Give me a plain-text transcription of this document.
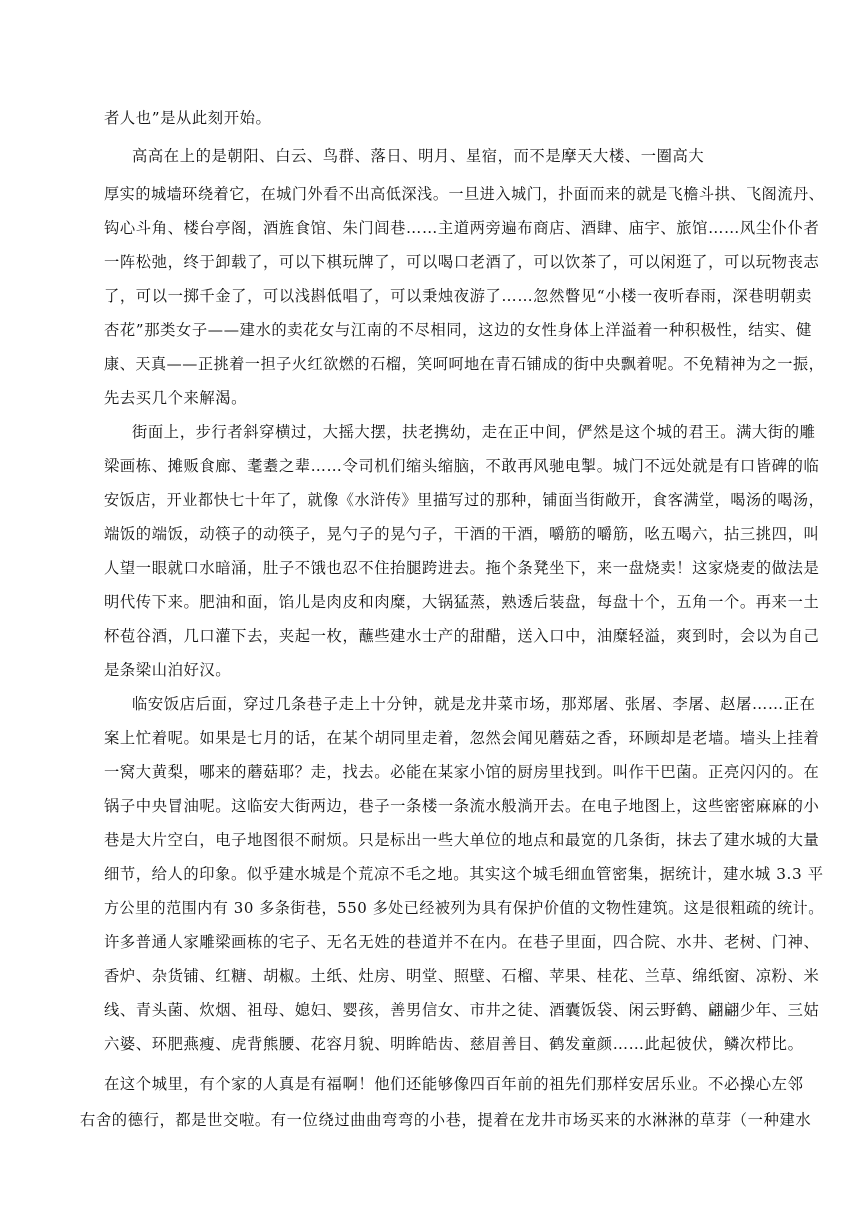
者人也”是从此刻开始。
高高在上的是朝阳、白云、鸟群、落日、明月、星宿，而不是摩天大楼、一圈高大
厚实的城墙环绕着它，在城门外看不出高低深浅。一旦进入城门，扑面而来的就是飞檐斗拱、飞阁流丹、
钩心斗角、楼台亭阁，酒旌食馆、朱门闾巷……主道两旁遍布商店、酒肆、庙宇、旅馆……风尘仆仆者
一阵松弛，终于卸载了，可以下棋玩牌了，可以喝口老酒了，可以饮茶了，可以闲逛了，可以玩物丧志
了，可以一掷千金了，可以浅斟低唱了，可以秉烛夜游了……忽然瞥见“小楼一夜听春雨，深巷明朝卖
杏花”那类女子——建水的卖花女与江南的不尽相同，这边的女性身体上洋溢着一种积极性，结实、健
康、天真——正挑着一担子火红欲燃的石榴，笑呵呵地在青石铺成的街中央飘着呢。不免精神为之一振，
先去买几个来解渴。
街面上，步行者斜穿横过，大摇大摆，扶老携幼，走在正中间，俨然是这个城的君王。满大街的雕
梁画栋、摊贩食廊、耄耋之辈……令司机们缩头缩脑，不敢再风驰电掣。城门不远处就是有口皆碑的临
安饭店，开业都快七十年了，就像《水浒传》里描写过的那种，铺面当街敞开，食客满堂，喝汤的喝汤，
端饭的端饭，动筷子的动筷子，晃勺子的晃勺子，干酒的干酒，嚼筋的嚼筋，吆五喝六，拈三挑四，叫
人望一眼就口水暗涌，肚子不饿也忍不住抬腿跨进去。拖个条凳坐下，来一盘烧卖！这家烧麦的做法是
明代传下来。肥油和面，馅儿是肉皮和肉糜，大锅猛蒸，熟透后装盘，每盘十个，五角一个。再来一土
杯苞谷酒，几口灌下去，夹起一枚，蘸些建水士产的甜醋，送入口中，油糜轻溢，爽到时，会以为自己
是条梁山泊好汉。
临安饭店后面，穿过几条巷子走上十分钟，就是龙井菜市场，那郑屠、张屠、李屠、赵屠……正在
案上忙着呢。如果是七月的话，在某个胡同里走着，忽然会闻见蘑菇之香，环顾却是老墙。墙头上挂着
一窝大黄梨，哪来的蘑菇耶？走，找去。必能在某家小馆的厨房里找到。叫作干巴菌。正亮闪闪的。在
锅子中央冒油呢。这临安大街两边，巷子一条楼一条流水般淌开去。在电子地图上，这些密密麻麻的小
巷是大片空白，电子地图很不耐烦。只是标出一些大单位的地点和最宽的几条街，抹去了建水城的大量
细节，给人的印象。似乎建水城是个荒凉不毛之地。其实这个城毛细血管密集，据统计，建水城 3.3 平
方公里的范围内有 30 多条街巷，550 多处已经被列为具有保护价值的文物性建筑。这是很粗疏的统计。
许多普通人家雕梁画栋的宅子、无名无姓的巷道并不在内。在巷子里面，四合院、水井、老树、门神、
香炉、杂货铺、红糖、胡椒。土纸、灶房、明堂、照壁、石榴、苹果、桂花、兰草、绵纸窗、凉粉、米
线、青头菌、炊烟、祖母、媳妇、婴孩，善男信女、市井之徒、酒囊饭袋、闲云野鹤、翩翩少年、三姑
六婆、环肥燕瘦、虎背熊腰、花容月貌、明眸皓齿、慈眉善目、鹤发童颜……此起彼伏，鳞次栉比。
在这个城里，有个家的人真是有福啊！他们还能够像四百年前的祖先们那样安居乐业。不必操心左邻
右舍的德行，都是世交啦。有一位绕过曲曲弯弯的小巷，提着在龙井市场买来的水淋淋的草芽（一种建水
